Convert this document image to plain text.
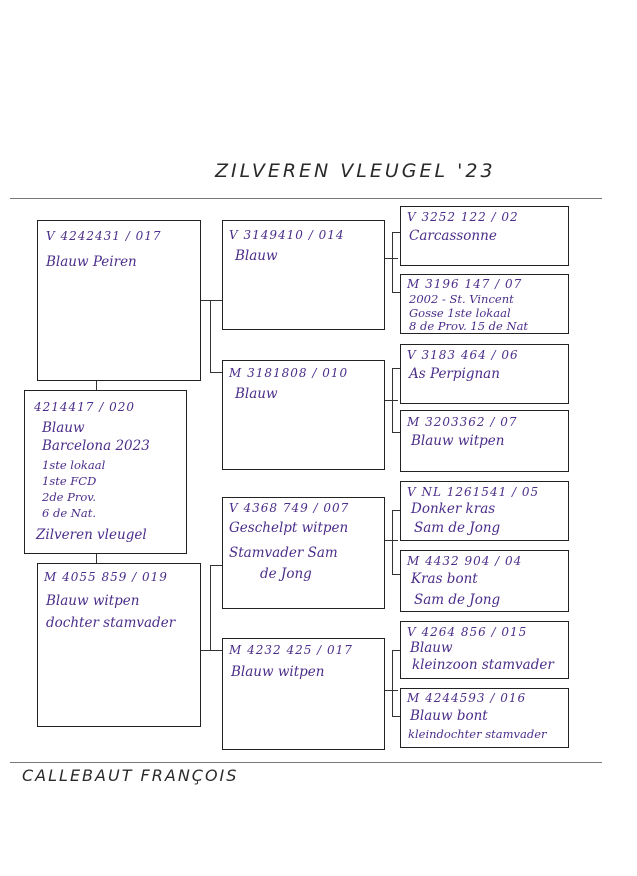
ZILVEREN VLEUGEL '23
V 4242431 / 017
Blauw Peiren
4214417 / 020
Blauw
Barcelona 2023
1ste lokaal
1ste FCD
2de Prov.
6 de Nat.
Zilveren vleugel
M 4055 859 / 019
Blauw witpen
dochter stamvader
V 3149410 / 014
Blauw
M 3181808 / 010
Blauw
V 4368 749 / 007
Geschelpt witpen
Stamvader Sam
de Jong
M 4232 425 / 017
Blauw witpen
V 3252 122 / 02
Carcassonne
M 3196 147 / 07
2002 - St. Vincent
Gosse 1ste lokaal
8 de Prov. 15 de Nat
V 3183 464 / 06
As Perpignan
M 3203362 / 07
Blauw witpen
V NL 1261541 / 05
Donker kras
Sam de Jong
M 4432 904 / 04
Kras bont
Sam de Jong
V 4264 856 / 015
Blauw
kleinzoon stamvader
M 4244593 / 016
Blauw bont
kleindochter stamvader
CALLEBAUT FRANÇOIS
